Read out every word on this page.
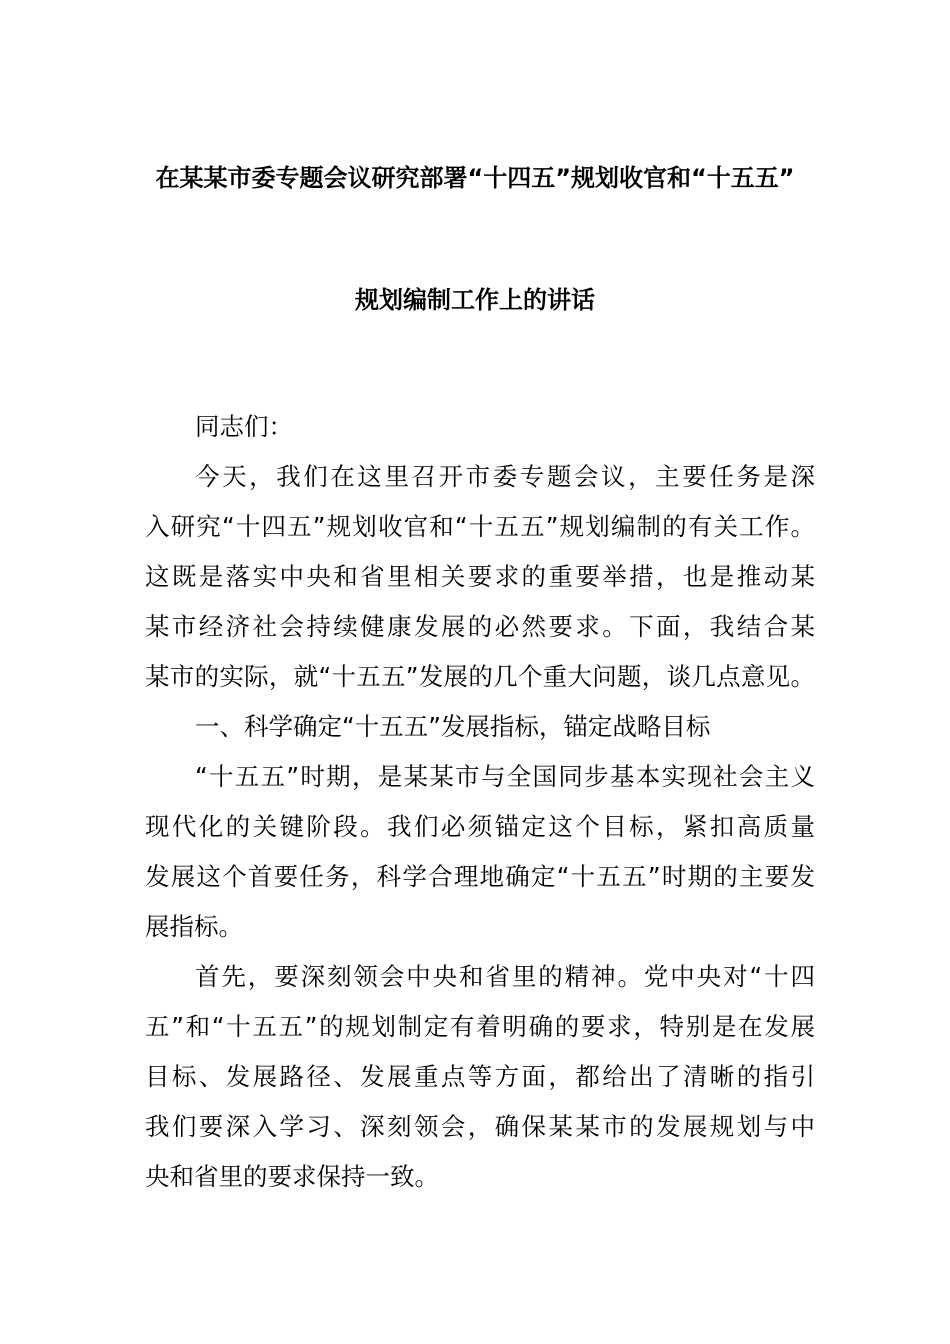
在某某市委专题会议研究部署“十四五”规划收官和“十五五”
规划编制工作上的讲话
同志们：
今天，我们在这里召开市委专题会议，主要任务是深
入研究“十四五”规划收官和“十五五”规划编制的有关工作。
这既是落实中央和省里相关要求的重要举措，也是推动某
某市经济社会持续健康发展的必然要求。下面，我结合某
某市的实际，就“十五五”发展的几个重大问题，谈几点意见。
一、科学确定“十五五”发展指标，锚定战略目标
“十五五”时期，是某某市与全国同步基本实现社会主义
现代化的关键阶段。我们必须锚定这个目标，紧扣高质量
发展这个首要任务，科学合理地确定“十五五”时期的主要发
展指标。
首先，要深刻领会中央和省里的精神。党中央对“十四
五”和“十五五”的规划制定有着明确的要求，特别是在发展
目标、发展路径、发展重点等方面，都给出了清晰的指引
我们要深入学习、深刻领会，确保某某市的发展规划与中
央和省里的要求保持一致。
